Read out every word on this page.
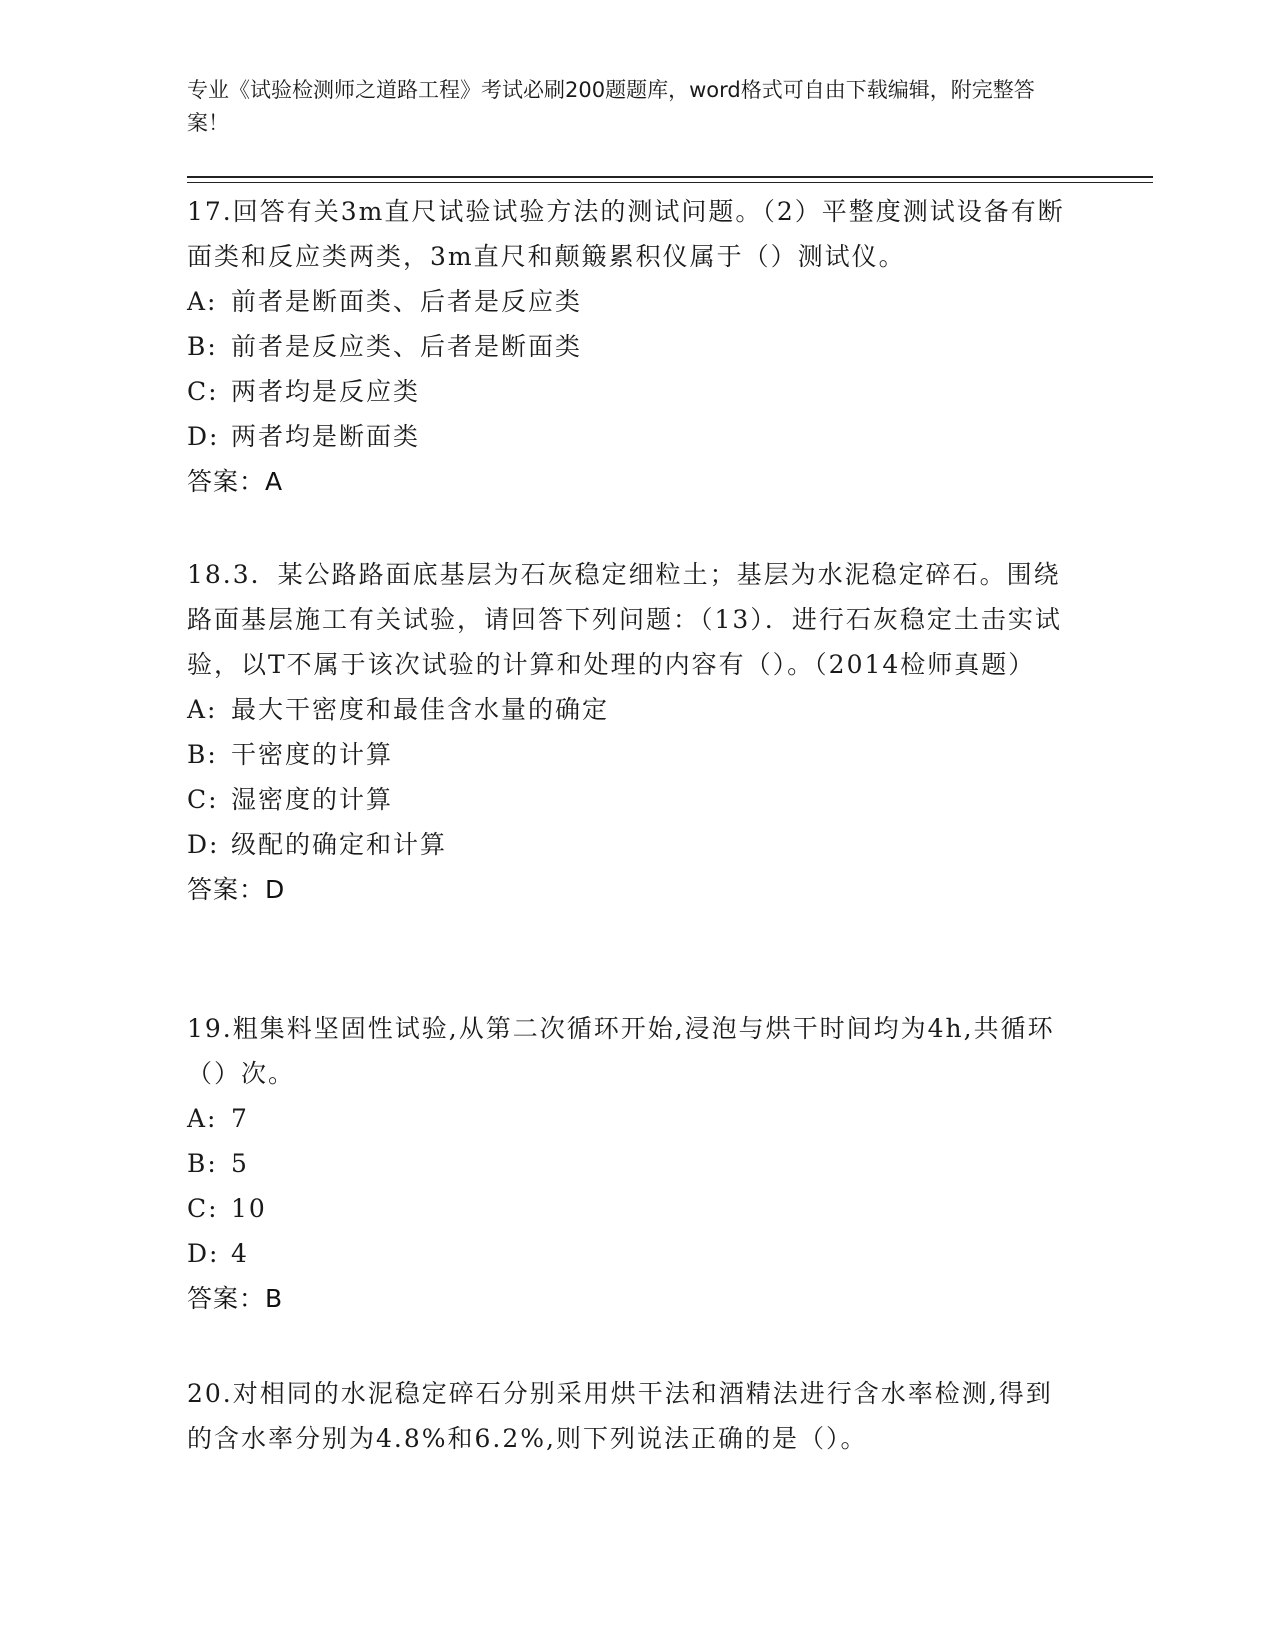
专业《试验检测师之道路工程》考试必刷200题题库，word格式可自由下载编辑，附完整答案！
17.回答有关3m直尺试验试验方法的测试问题。（2）平整度测试设备有断面类和反应类两类，3m直尺和颠簸累积仪属于（）测试仪。
A: 前者是断面类、后者是反应类
B: 前者是反应类、后者是断面类
C: 两者均是反应类
D: 两者均是断面类
答案：A
18.3．某公路路面底基层为石灰稳定细粒土；基层为水泥稳定碎石。围绕路面基层施工有关试验，请回答下列问题：（13）．进行石灰稳定土击实试验，以T不属于该次试验的计算和处理的内容有（）。（2014检师真题）
A: 最大干密度和最佳含水量的确定
B: 干密度的计算
C: 湿密度的计算
D: 级配的确定和计算
答案：D
19.粗集料坚固性试验,从第二次循环开始,浸泡与烘干时间均为4h,共循环（）次。
A: 7
B: 5
C: 10
D: 4
答案：B
20.对相同的水泥稳定碎石分别采用烘干法和酒精法进行含水率检测,得到的含水率分别为4.8%和6.2%,则下列说法正确的是（）。
